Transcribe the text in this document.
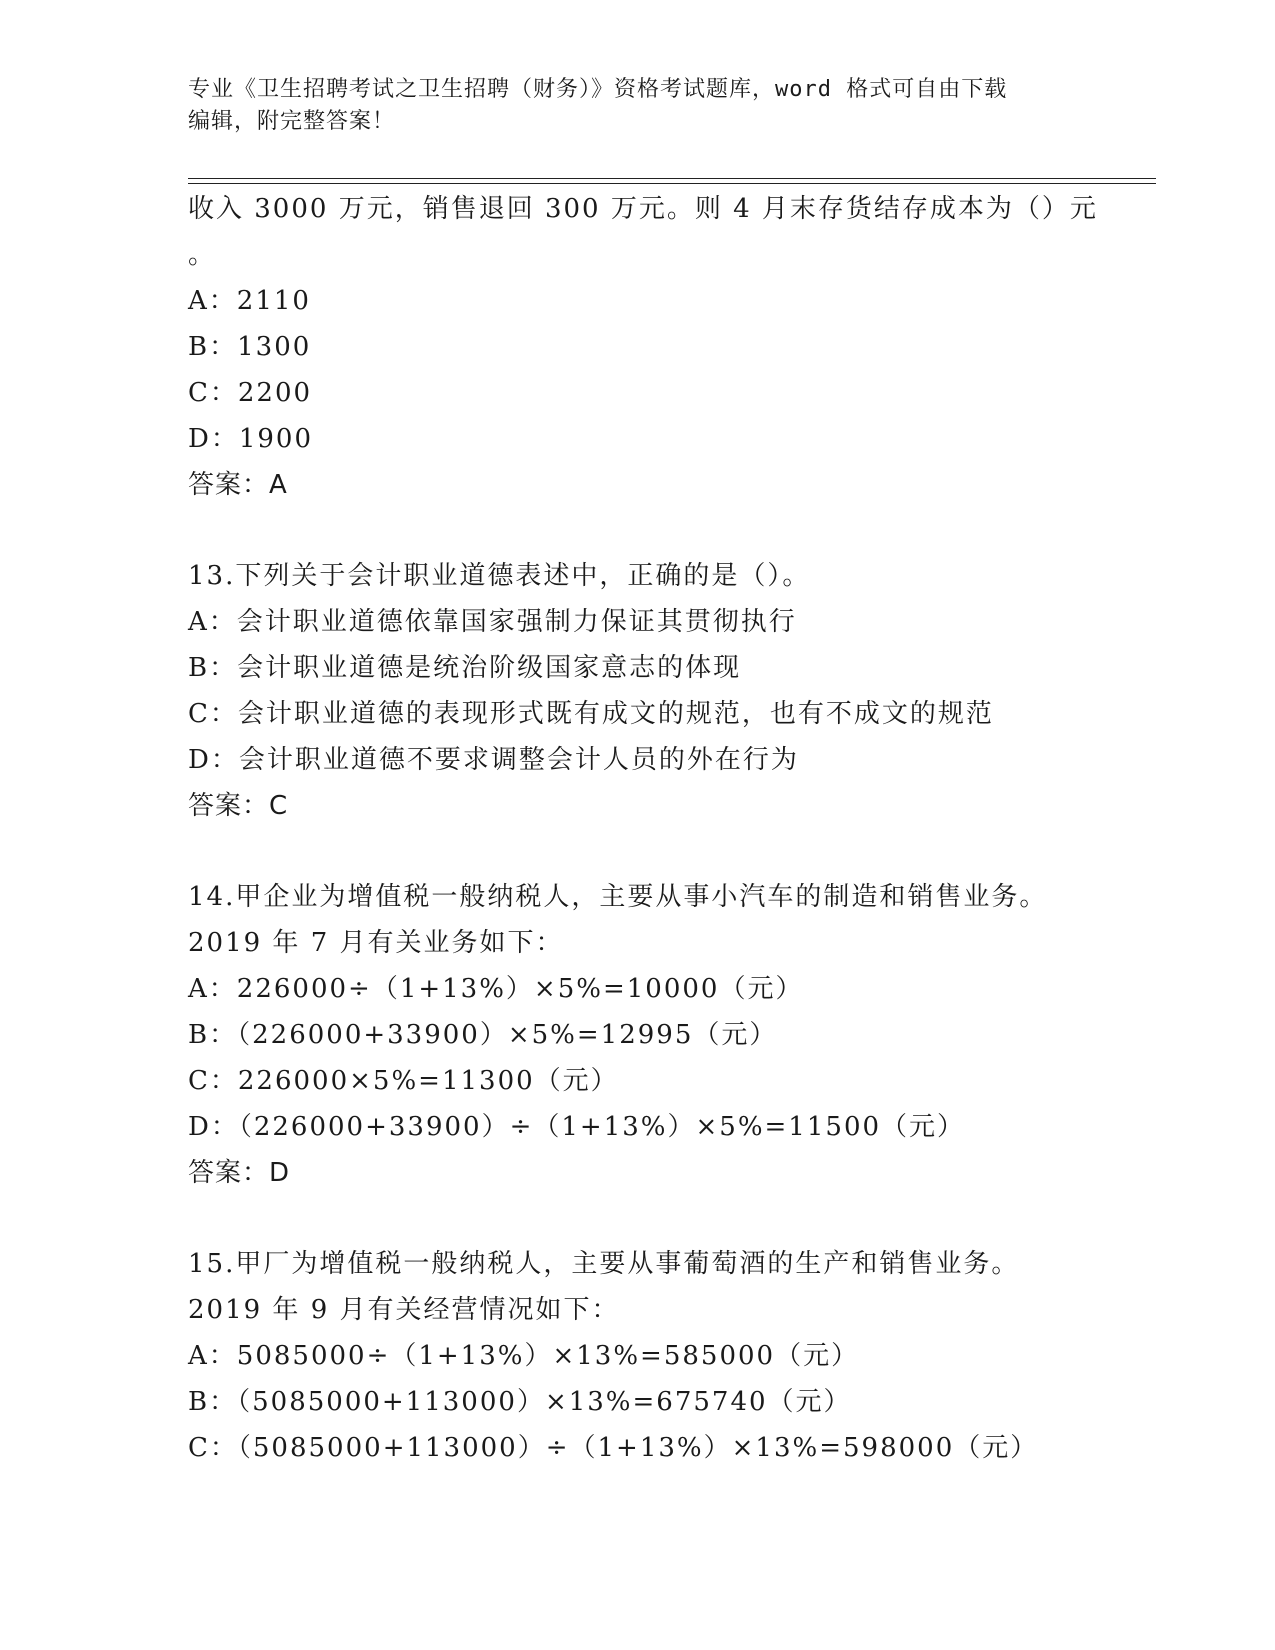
专业《卫生招聘考试之卫生招聘（财务）》资格考试题库，word 格式可自由下载
编辑，附完整答案！
收入 3000 万元，销售退回 300 万元。则 4 月末存货结存成本为（）元
。
A：2110
B：1300
C：2200
D：1900
答案：A
13.下列关于会计职业道德表述中，正确的是（）。
A：会计职业道德依靠国家强制力保证其贯彻执行
B：会计职业道德是统治阶级国家意志的体现
C：会计职业道德的表现形式既有成文的规范，也有不成文的规范
D：会计职业道德不要求调整会计人员的外在行为
答案：C
14.甲企业为增值税一般纳税人，主要从事小汽车的制造和销售业务。
2019 年 7 月有关业务如下：
A：226000÷（1+13%）×5%=10000（元）
B：（226000+33900）×5%=12995（元）
C：226000×5%=11300（元）
D：（226000+33900）÷（1+13%）×5%=11500（元）
答案：D
15.甲厂为增值税一般纳税人，主要从事葡萄酒的生产和销售业务。
2019 年 9 月有关经营情况如下：
A：5085000÷（1+13%）×13%=585000（元）
B：（5085000+113000）×13%=675740（元）
C：（5085000+113000）÷（1+13%）×13%=598000（元）
